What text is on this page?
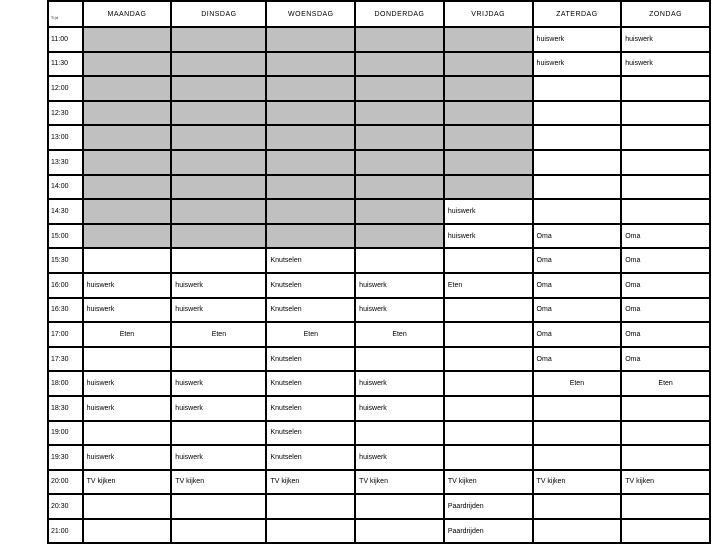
Tijd	MAANDAG	DINSDAG	WOENSDAG	DONDERDAG	VRIJDAG	ZATERDAG	ZONDAG
11:00						huiswerk	huiswerk
11:30						huiswerk	huiswerk
12:00							
12:30							
13:00							
13:30							
14:00							
14:30					huiswerk		
15:00					huiswerk	Oma	Oma
15:30			Knutselen			Oma	Oma
16:00	huiswerk	huiswerk	Knutselen	huiswerk	Eten	Oma	Oma
16:30	huiswerk	huiswerk	Knutselen	huiswerk		Oma	Oma
17:00	Eten	Eten	Eten	Eten		Oma	Oma
17:30			Knutselen			Oma	Oma
18:00	huiswerk	huiswerk	Knutselen	huiswerk		Eten	Eten
18:30	huiswerk	huiswerk	Knutselen	huiswerk			
19:00			Knutselen				
19:30	huiswerk	huiswerk	Knutselen	huiswerk			
20:00	TV kijken	TV kijken	TV kijken	TV kijken	TV kijken	TV kijken	TV kijken
20:30					Paardrijden		
21:00					Paardrijden		
